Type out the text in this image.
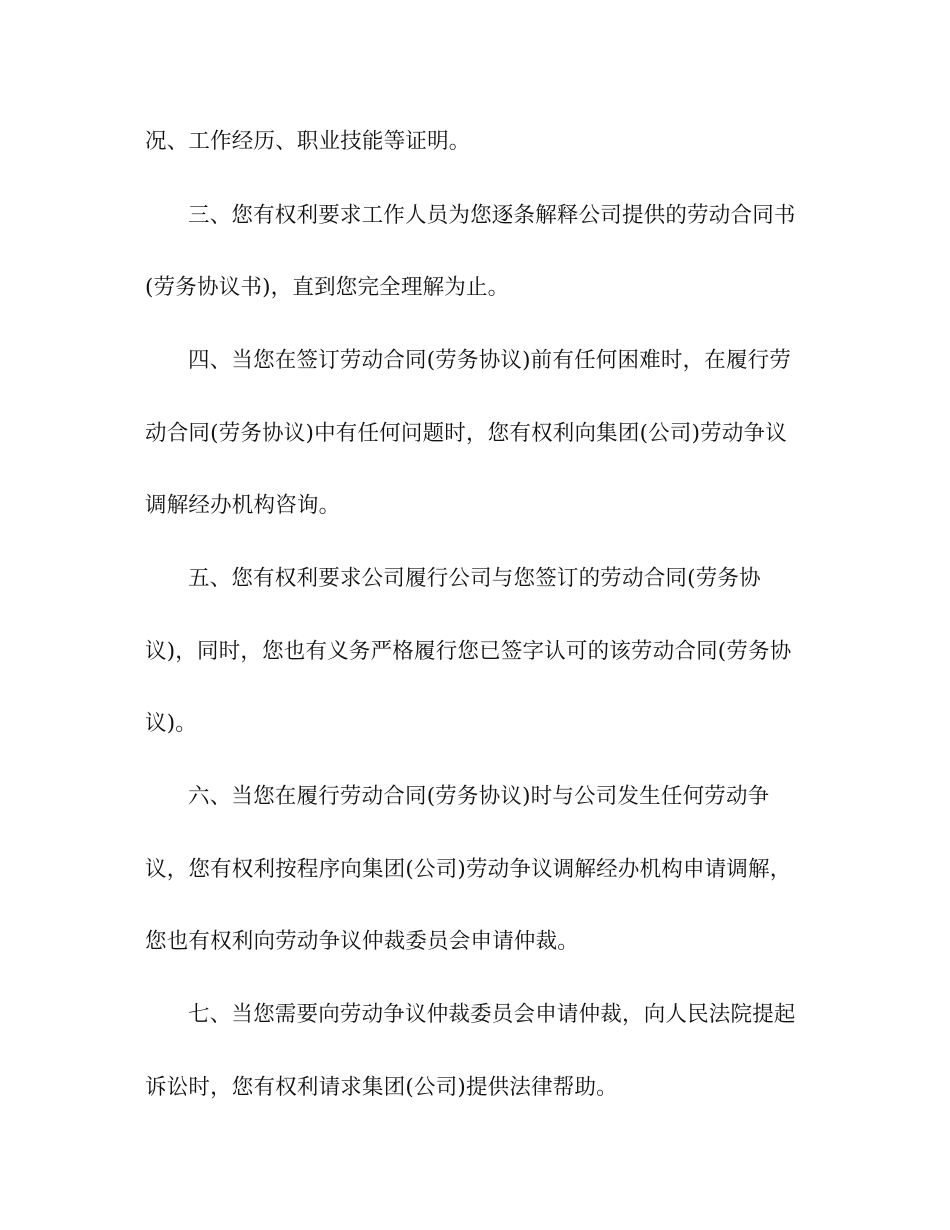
况、工作经历、职业技能等证明。
三、您有权利要求工作人员为您逐条解释公司提供的劳动合同书
(劳务协议书)，直到您完全理解为止。
四、当您在签订劳动合同(劳务协议)前有任何困难时，在履行劳
动合同(劳务协议)中有任何问题时，您有权利向集团(公司)劳动争议
调解经办机构咨询。
五、您有权利要求公司履行公司与您签订的劳动合同(劳务协
议)，同时，您也有义务严格履行您已签字认可的该劳动合同(劳务协
议)。
六、当您在履行劳动合同(劳务协议)时与公司发生任何劳动争
议，您有权利按程序向集团(公司)劳动争议调解经办机构申请调解，
您也有权利向劳动争议仲裁委员会申请仲裁。
七、当您需要向劳动争议仲裁委员会申请仲裁，向人民法院提起
诉讼时，您有权利请求集团(公司)提供法律帮助。
